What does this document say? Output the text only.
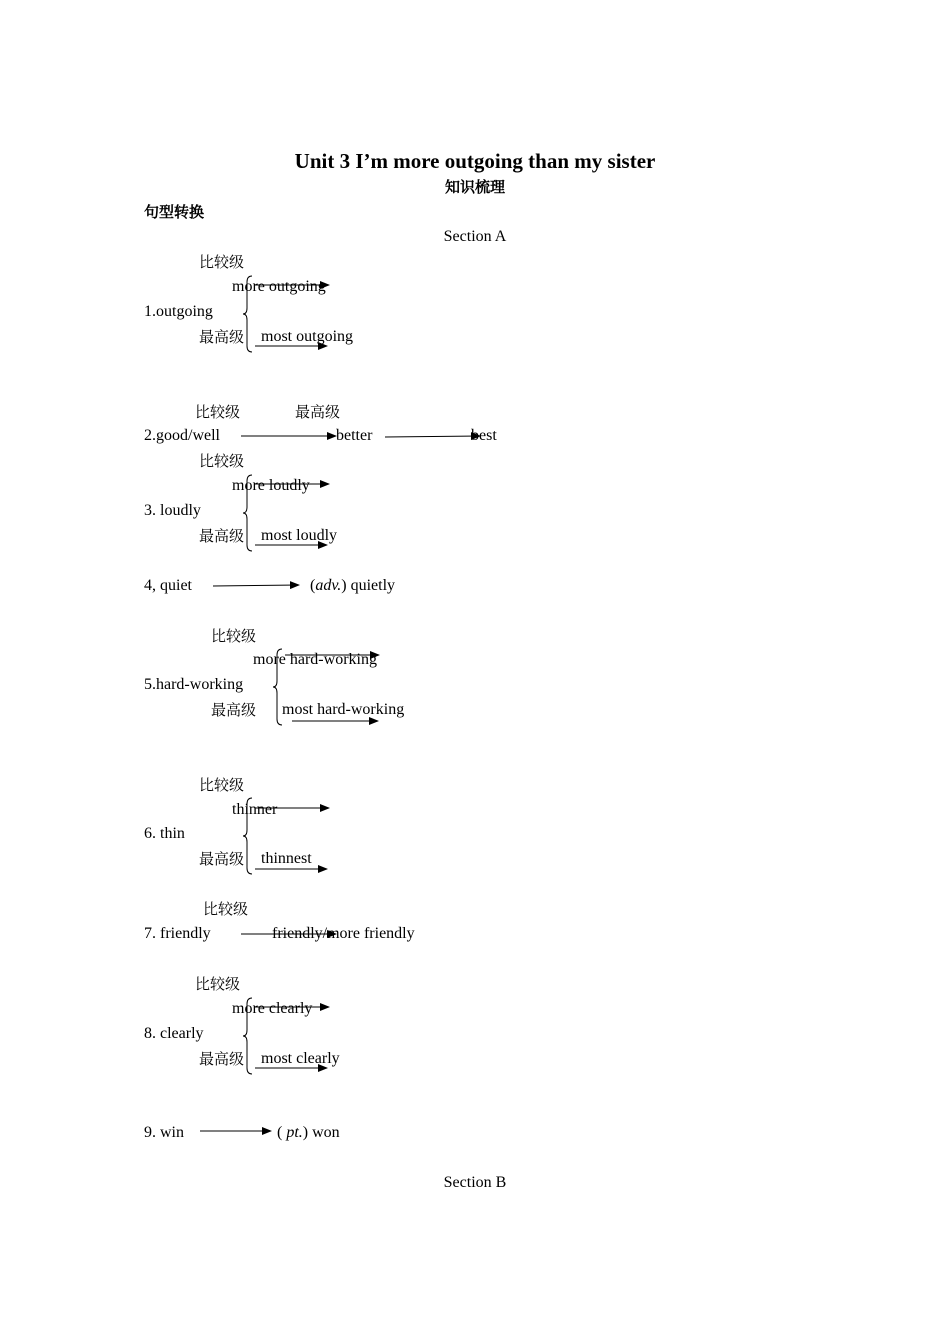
Unit 3 I’m more outgoing than my sister
知识梳理
句型转换
Section A
比较级
more outgoing
1.outgoing
最高级 most outgoing
比较级	最高级
2.good/well	better	best
比较级
more loudly
3. loudly
最高级 most loudly
4, quiet	(adv.) quietly
比较级
more hard-working
5.hard-working
最高级 most hard-working
比较级
thinner
6. thin
最高级 thinnest
比较级
7. friendly	friendly/more friendly
比较级
more clearly
8. clearly
最高级 most clearly
9. win	( pt.) won
Section B
